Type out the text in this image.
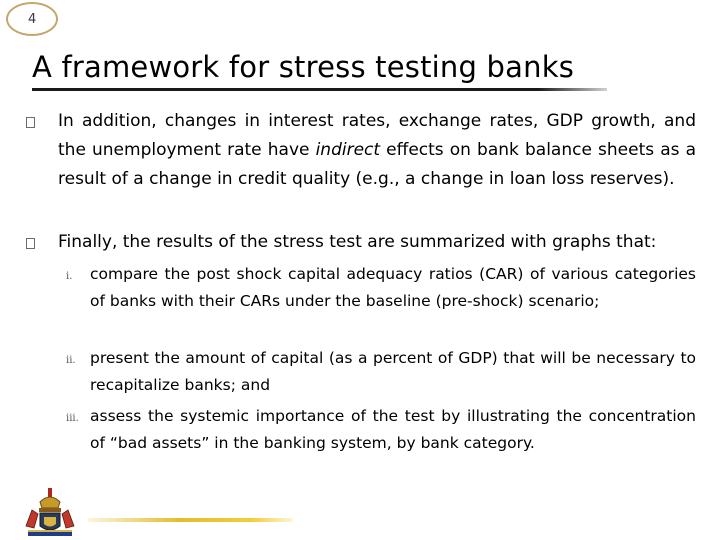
4
A framework for stress testing banks

In addition, changes in interest rates, exchange rates, GDP growth, and the unemployment rate have indirect effects on bank balance sheets as a result of a change in credit quality (e.g., a change in loan loss reserves).

Finally, the results of the stress test are summarized with graphs that:

i. compare the post shock capital adequacy ratios (CAR) of various categories of banks with their CARs under the baseline (pre-shock) scenario;

ii. present the amount of capital (as a percent of GDP) that will be necessary to recapitalize banks; and

iii. assess the systemic importance of the test by illustrating the concentration of “bad assets” in the banking system, by bank category.
